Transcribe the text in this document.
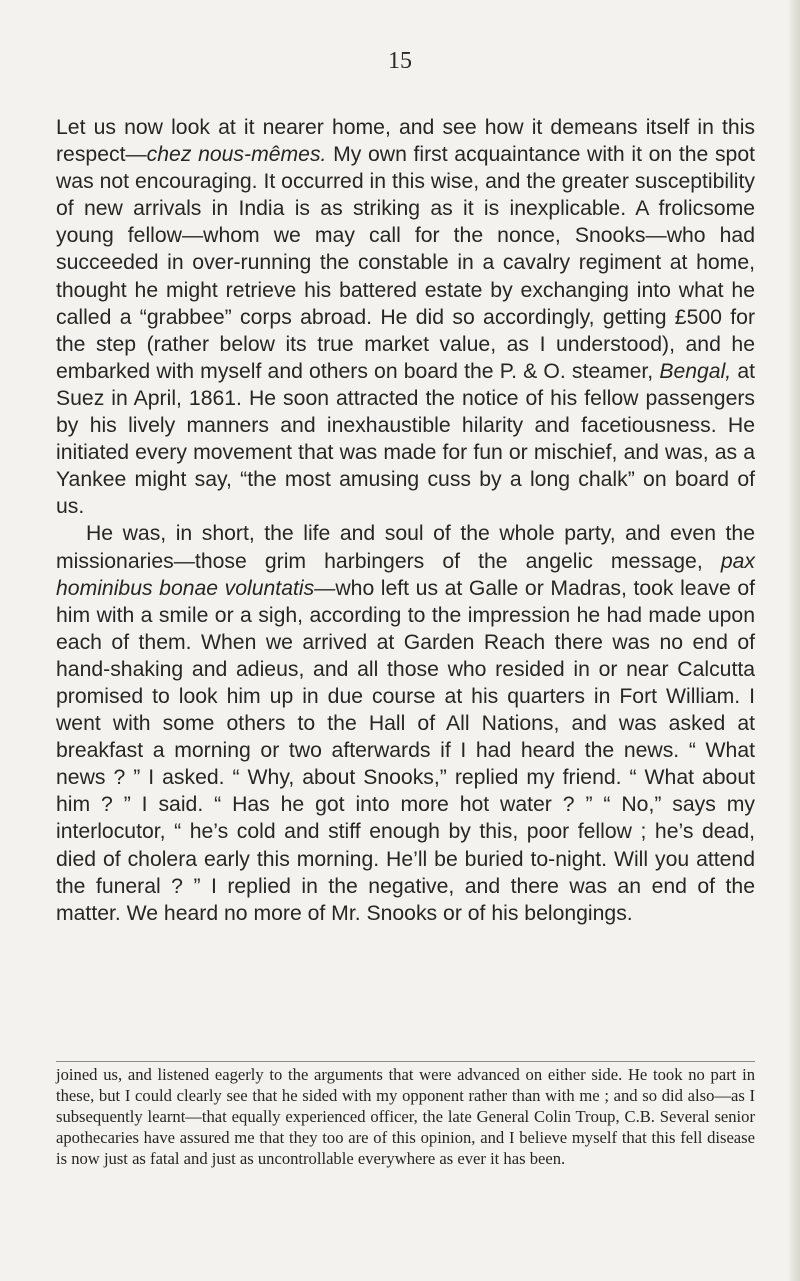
15

Let us now look at it nearer home, and see how it demeans itself in this respect—chez nous-mêmes. My own first acquaintance with it on the spot was not encouraging. It occurred in this wise, and the greater susceptibility of new arrivals in India is as striking as it is inexplicable. A frolicsome young fellow—whom we may call for the nonce, Snooks—who had succeeded in over-running the constable in a cavalry regiment at home, thought he might retrieve his battered estate by exchanging into what he called a “grabbee” corps abroad. He did so accordingly, getting £500 for the step (rather below its true market value, as I understood), and he embarked with myself and others on board the P. & O. steamer, Bengal, at Suez in April, 1861. He soon attracted the notice of his fellow passengers by his lively manners and inexhaustible hilarity and facetiousness. He initiated every movement that was made for fun or mischief, and was, as a Yankee might say, “the most amusing cuss by a long chalk” on board of us.

He was, in short, the life and soul of the whole party, and even the missionaries—those grim harbingers of the angelic message, pax hominibus bonae voluntatis—who left us at Galle or Madras, took leave of him with a smile or a sigh, according to the impression he had made upon each of them. When we arrived at Garden Reach there was no end of hand-shaking and adieus, and all those who resided in or near Calcutta promised to look him up in due course at his quarters in Fort William. I went with some others to the Hall of All Nations, and was asked at breakfast a morning or two afterwards if I had heard the news. “ What news ? ” I asked. “ Why, about Snooks,” replied my friend. “ What about him ? ” I said. “ Has he got into more hot water ? ” “ No,” says my interlocutor, “ he’s cold and stiff enough by this, poor fellow ; he’s dead, died of cholera early this morning. He’ll be buried to-night. Will you attend the funeral ? ” I replied in the negative, and there was an end of the matter. We heard no more of Mr. Snooks or of his belongings.

joined us, and listened eagerly to the arguments that were advanced on either side. He took no part in these, but I could clearly see that he sided with my opponent rather than with me ; and so did also—as I subsequently learnt—that equally experienced officer, the late General Colin Troup, C.B. Several senior apothecaries have assured me that they too are of this opinion, and I believe myself that this fell disease is now just as fatal and just as uncontrollable everywhere as ever it has been.
